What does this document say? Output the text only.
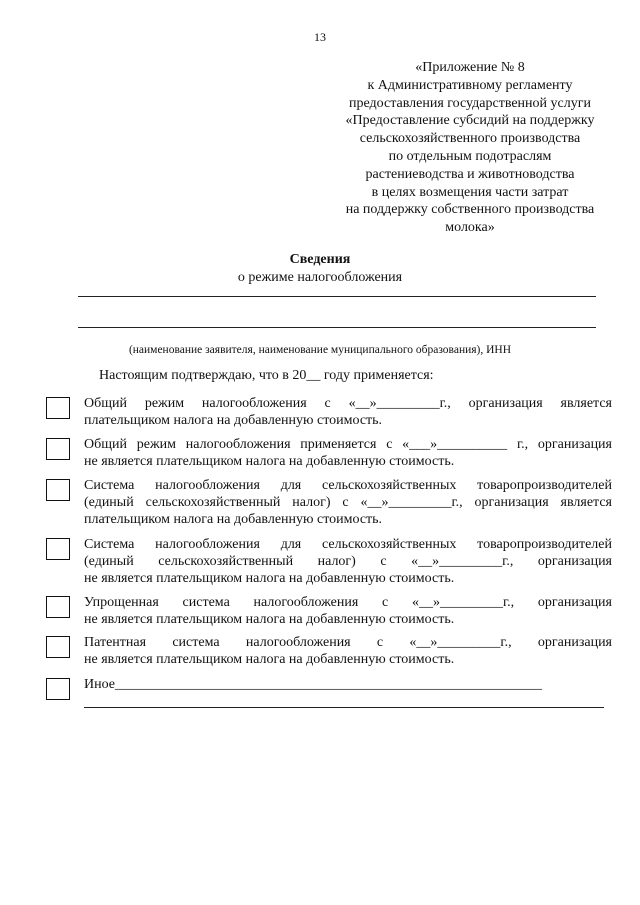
13
«Приложение № 8
к Административному регламенту
предоставления государственной услуги
«Предоставление субсидий на поддержку
сельскохозяйственного производства
по отдельным подотраслям
растениеводства и животноводства
в целях возмещения части затрат
на поддержку собственного производства
молока»
Сведения
о режиме налогообложения
(наименование заявителя, наименование муниципального образования), ИНН
Настоящим подтверждаю, что в 20__ году применяется:
Общий режим налогообложения с «__»_________г., организация является
плательщиком налога на добавленную стоимость.
Общий режим налогообложения применяется с «___»__________ г., организация
не является плательщиком налога на добавленную стоимость.
Система налогообложения для сельскохозяйственных товаропроизводителей
(единый сельскохозяйственный налог) с «__»_________г., организация является
плательщиком налога на добавленную стоимость.
Система налогообложения для сельскохозяйственных товаропроизводителей
(единый сельскохозяйственный налог) с «__»_________г., организация
не является плательщиком налога на добавленную стоимость.
Упрощенная система налогообложения с «__»_________г., организация
не является плательщиком налога на добавленную стоимость.
Патентная система налогообложения с «__»_________г., организация
не является плательщиком налога на добавленную стоимость.
Иное_____________________________________________________________
